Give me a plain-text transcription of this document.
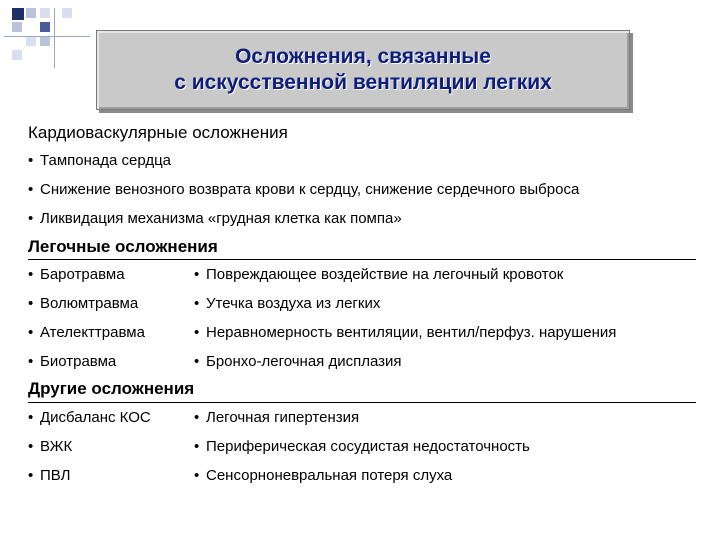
Осложнения, связанные
с искусственной вентиляции легких
Кардиоваскулярные осложнения
• Тампонада сердца
• Снижение венозного возврата крови к сердцу, снижение сердечного выброса
• Ликвидация механизма «грудная клетка как помпа»
Легочные осложнения
• Баротравма	• Повреждающее воздействие на легочный кровоток
• Волюмтравма	• Утечка воздуха из легких
• Ателекттравма	• Неравномерность вентиляции, вентил/перфуз. нарушения
• Биотравма	• Бронхо-легочная дисплазия
Другие осложнения
• Дисбаланс КОС	• Легочная гипертензия
• ВЖК	• Периферическая сосудистая недостаточность
• ПВЛ	• Сенсорноневральная потеря слуха
